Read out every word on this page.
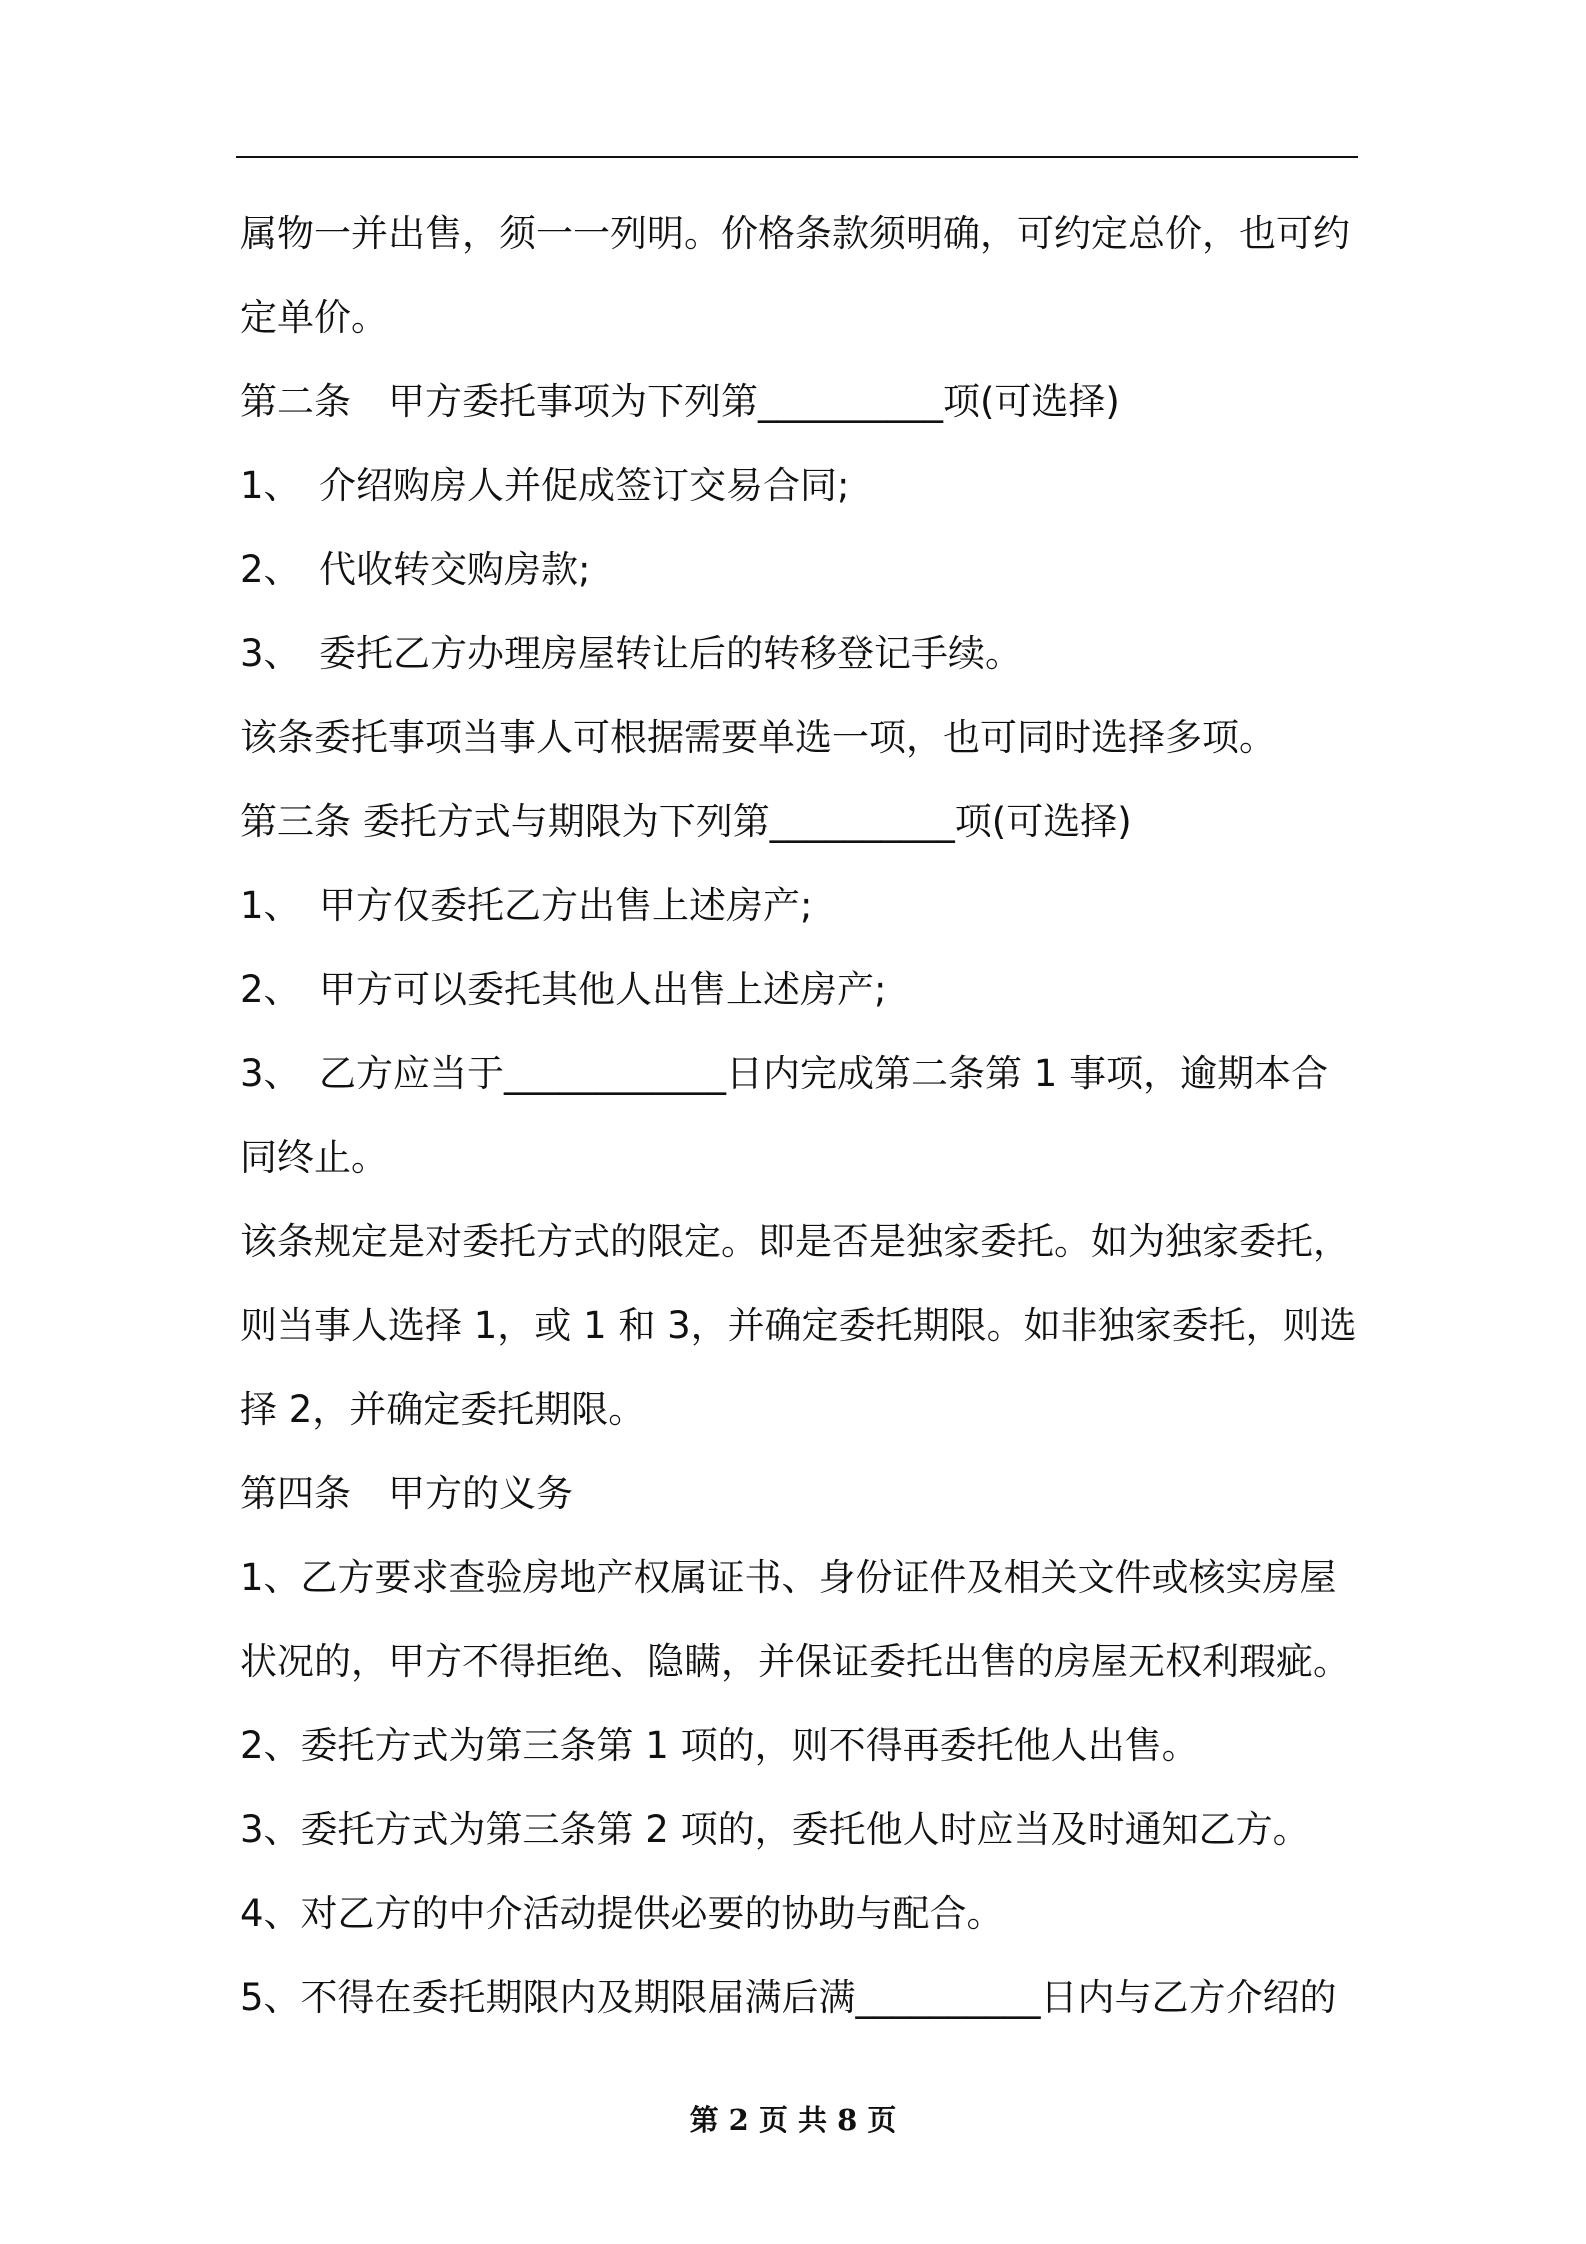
属物一并出售，须一一列明。价格条款须明确，可约定总价，也可约
定单价。
第二条　甲方委托事项为下列第__________项(可选择)
1、　介绍购房人并促成签订交易合同;
2、　代收转交购房款;
3、　委托乙方办理房屋转让后的转移登记手续。
该条委托事项当事人可根据需要单选一项，也可同时选择多项。
第三条 委托方式与期限为下列第__________项(可选择)
1、　甲方仅委托乙方出售上述房产;
2、　甲方可以委托其他人出售上述房产;
3、　乙方应当于____________日内完成第二条第 1 事项，逾期本合
同终止。
该条规定是对委托方式的限定。即是否是独家委托。如为独家委托，
则当事人选择 1，或 1 和 3，并确定委托期限。如非独家委托，则选
择 2，并确定委托期限。
第四条　甲方的义务
1、乙方要求查验房地产权属证书、身份证件及相关文件或核实房屋
状况的，甲方不得拒绝、隐瞒，并保证委托出售的房屋无权利瑕疵。
2、委托方式为第三条第 1 项的，则不得再委托他人出售。
3、委托方式为第三条第 2 项的，委托他人时应当及时通知乙方。
4、对乙方的中介活动提供必要的协助与配合。
5、不得在委托期限内及期限届满后满__________日内与乙方介绍的
第 2 页 共 8 页
